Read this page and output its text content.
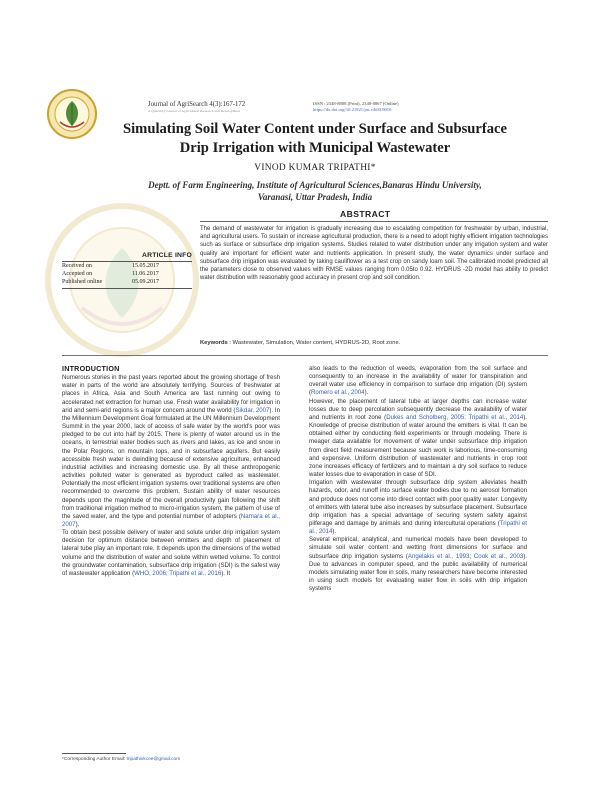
Journal of AgriSearch 4(3):167-172
A Quarterly Journal of Agricultural Research and Development
ISSN : 2348-8808 (Print), 2348-8867 (Online)
https://dx.doi.org/10.21921/jas.v4i03.9016
Simulating Soil Water Content under Surface and Subsurface
Drip Irrigation with Municipal Wastewater
VINOD KUMAR TRIPATHI*
Deptt. of Farm Engineering, Institute of Agricultural Sciences,Banaras Hindu University,
Varanasi, Uttar Pradesh, India
ARTICLE INFO
Received on	15.05.2017
Accepted on	11.06.2017
Published online	05.09.2017
ABSTRACT
The demand of wastewater for irrigation is gradually increasing due to escalating competition for freshwater by urban, industrial, and agricultural users. To sustain or increase agricultural production, there is a need to adopt highly efficient irrigation technologies such as surface or subsurface drip irrigation systems. Studies related to water distribution under any irrigation system and water quality are important for efficient water and nutrients application. In present study, the water dynamics under surface and subsurface drip irrigation was evaluated by taking cauliflower as a test crop on sandy loam soil. The calibrated model predicted all the parameters close to observed values with RMSE values ranging from 0.05to 0.92. HYDRUS -2D model has ability to predict water distribution with reasonably good accuracy in present crop and soil condition.
Keywords : Wastewater, Simulation, Water content, HYDRUS-2D, Root zone.
INTRODUCTION

Numerous stories in the past years reported about the growing shortage of fresh water in parts of the world are absolutely terrifying. Sources of freshwater at places in Africa, Asia and South America are fast running out owing to accelerated net extraction for human use. Fresh water availability for irrigation in arid and semi-arid regions is a major concern around the world (Sikdar, 2007). In the Millennium Development Goal formulated at the UN Millennium Development Summit in the year 2000, lack of access of safe water by the world's poor was pledged to be cut into half by 2015. There is plenty of water around us in the oceans, in terrestrial water bodies such as rivers and lakes, as ice and snow in the Polar Regions, on mountain tops, and in subsurface aquifers. But easily accessible fresh water is dwindling because of extensive agriculture, enhanced industrial activities and increasing domestic use. By all these anthropogenic activities polluted water is generated as byproduct called as wastewater. Potentially the most efficient irrigation systems over traditional systems are often recommended to overcome this problem. Sustain ability of water resources depends upon the magnitude of the overall productivity gain following the shift from traditional irrigation method to micro-irrigation system, the pattern of use of the saved water, and the type and potential number of adopters (Namara et al., 2007).

To obtain best possible delivery of water and solute under drip irrigation system decision for optimum distance between emitters and depth of placement of lateral tube play an important role. It depends upon the dimensions of the wetted volume and the distribution of water and solute within wetted volume. To control the groundwater contamination, subsurface drip irrigation (SDI) is the safest way of wastewater application (WHO, 2006; Tripathi et al., 2016). It

also leads to the reduction of weeds, evaporation from the soil surface and consequently to an increase in the availability of water for transpiration and overall water use efficiency in comparison to surface drip irrigation (DI) system (Romero et al., 2004).

However, the placement of lateral tube at larger depths can increase water losses due to deep percolation subsequently decrease the availability of water and nutrients in root zone (Dukes and Scholberg, 2005; Tripathi et al., 2014). Knowledge of precise distribution of water around the emitters is vital. It can be obtained either by conducting field experiments or through modeling. There is meager data available for movement of water under subsurface drip irrigation from direct field measurement because such work is laborious, time-consuming and expensive. Uniform distribution of wastewater and nutrients in crop root zone increases efficacy of fertilizers and to maintain a dry soil surface to reduce water losses due to evaporation in case of SDI.

Irrigation with wastewater through subsurface drip system alleviates health hazards, odor, and runoff into surface water bodies due to no aerosol formation and produce does not come into direct contact with poor quality water. Longevity of emitters with lateral tube also increases by subsurface placement. Subsurface drip irrigation has a special advantage of securing system safety against pilferage and damage by animals and during intercultural operations (Tripathi et al., 2014).

Several empirical, analytical, and numerical models have been developed to simulate soil water content and wetting front dimensions for surface and subsurface drip irrigation systems (Angelakis et al., 1993; Cook et al., 2003). Due to advances in computer speed, and the public availability of numerical models simulating water flow in soils, many researchers have become interested in using such models for evaluating water flow in soils with drip irrigation systems

*Corresponding Author Email: tripathivkcee@gmail.com
